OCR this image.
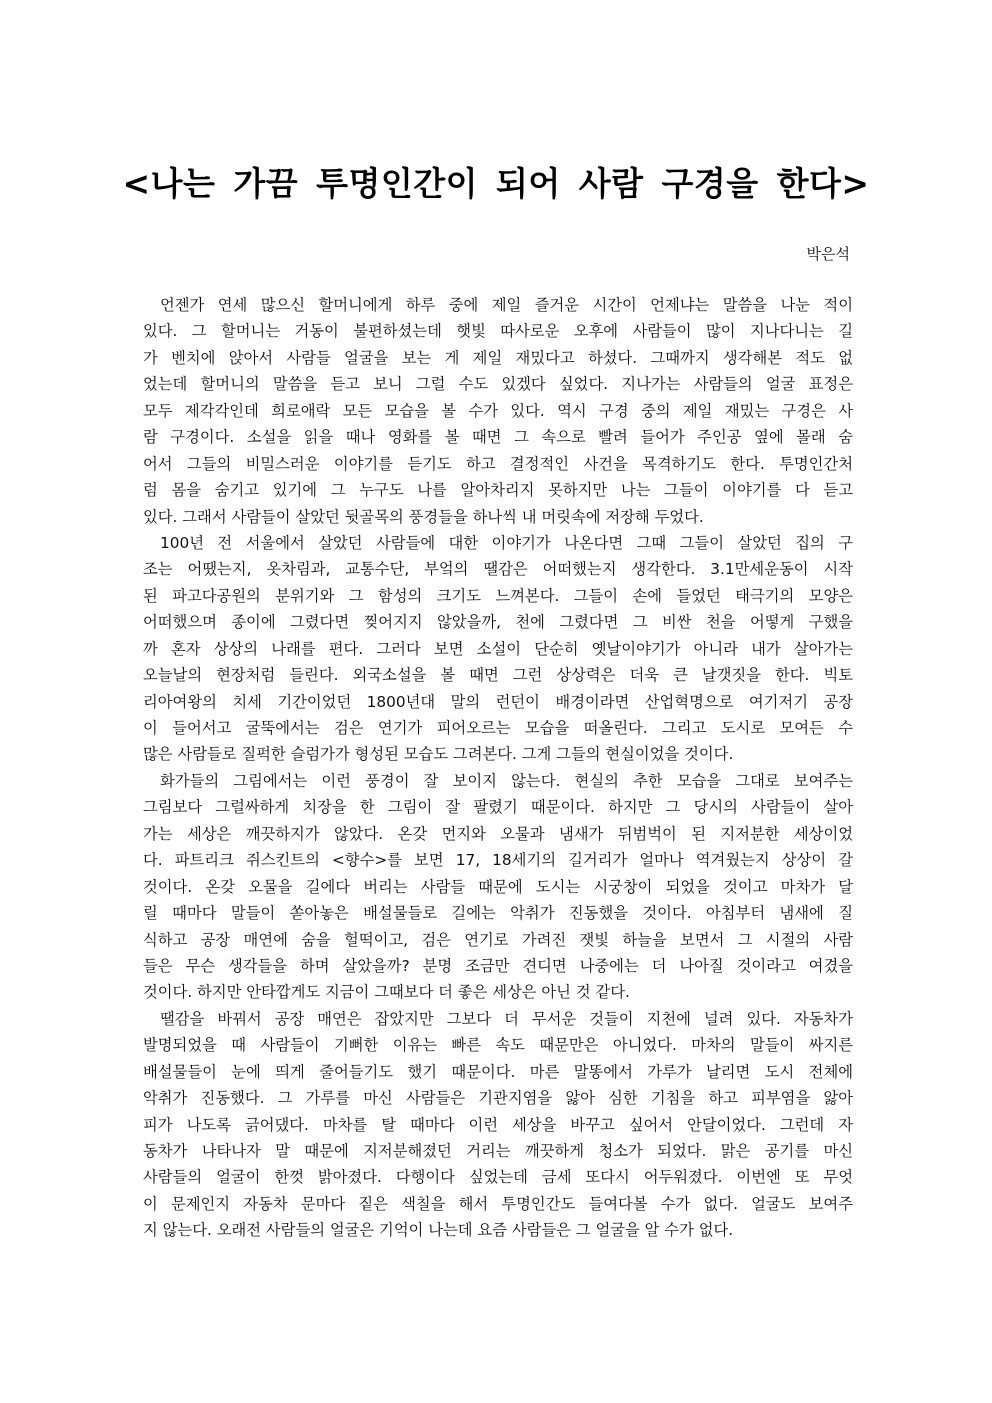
<나는 가끔 투명인간이 되어 사람 구경을 한다>
박은석
언젠가 연세 많으신 할머니에게 하루 중에 제일 즐거운 시간이 언제냐는 말씀을 나눈 적이
있다. 그 할머니는 거동이 불편하셨는데 햇빛 따사로운 오후에 사람들이 많이 지나다니는 길
가 벤치에 앉아서 사람들 얼굴을 보는 게 제일 재밌다고 하셨다. 그때까지 생각해본 적도 없
었는데 할머니의 말씀을 듣고 보니 그럴 수도 있겠다 싶었다. 지나가는 사람들의 얼굴 표정은
모두 제각각인데 희로애락 모든 모습을 볼 수가 있다. 역시 구경 중의 제일 재밌는 구경은 사
람 구경이다. 소설을 읽을 때나 영화를 볼 때면 그 속으로 빨려 들어가 주인공 옆에 몰래 숨
어서 그들의 비밀스러운 이야기를 듣기도 하고 결정적인 사건을 목격하기도 한다. 투명인간처
럼 몸을 숨기고 있기에 그 누구도 나를 알아차리지 못하지만 나는 그들이 이야기를 다 듣고
있다. 그래서 사람들이 살았던 뒷골목의 풍경들을 하나씩 내 머릿속에 저장해 두었다.
100년 전 서울에서 살았던 사람들에 대한 이야기가 나온다면 그때 그들이 살았던 집의 구
조는 어땠는지, 옷차림과, 교통수단, 부엌의 땔감은 어떠했는지 생각한다. 3.1만세운동이 시작
된 파고다공원의 분위기와 그 함성의 크기도 느껴본다. 그들이 손에 들었던 태극기의 모양은
어떠했으며 종이에 그렸다면 찢어지지 않았을까, 천에 그렸다면 그 비싼 천을 어떻게 구했을
까 혼자 상상의 나래를 편다. 그러다 보면 소설이 단순히 옛날이야기가 아니라 내가 살아가는
오늘날의 현장처럼 들린다. 외국소설을 볼 때면 그런 상상력은 더욱 큰 날갯짓을 한다. 빅토
리아여왕의 치세 기간이었던 1800년대 말의 런던이 배경이라면 산업혁명으로 여기저기 공장
이 들어서고 굴뚝에서는 검은 연기가 피어오르는 모습을 떠올린다. 그리고 도시로 모여든 수
많은 사람들로 질퍽한 슬럼가가 형성된 모습도 그려본다. 그게 그들의 현실이었을 것이다.
화가들의 그림에서는 이런 풍경이 잘 보이지 않는다. 현실의 추한 모습을 그대로 보여주는
그림보다 그럴싸하게 치장을 한 그림이 잘 팔렸기 때문이다. 하지만 그 당시의 사람들이 살아
가는 세상은 깨끗하지가 않았다. 온갖 먼지와 오물과 냄새가 뒤범벅이 된 지저분한 세상이었
다. 파트리크 쥐스킨트의 <향수>를 보면 17, 18세기의 길거리가 얼마나 역겨웠는지 상상이 갈
것이다. 온갖 오물을 길에다 버리는 사람들 때문에 도시는 시궁창이 되었을 것이고 마차가 달
릴 때마다 말들이 쏟아놓은 배설물들로 길에는 악취가 진동했을 것이다. 아침부터 냄새에 질
식하고 공장 매연에 숨을 헐떡이고, 검은 연기로 가려진 잿빛 하늘을 보면서 그 시절의 사람
들은 무슨 생각들을 하며 살았을까? 분명 조금만 견디면 나중에는 더 나아질 것이라고 여겼을
것이다. 하지만 안타깝게도 지금이 그때보다 더 좋은 세상은 아닌 것 같다.
땔감을 바꿔서 공장 매연은 잡았지만 그보다 더 무서운 것들이 지천에 널려 있다. 자동차가
발명되었을 때 사람들이 기뻐한 이유는 빠른 속도 때문만은 아니었다. 마차의 말들이 싸지른
배설물들이 눈에 띄게 줄어들기도 했기 때문이다. 마른 말똥에서 가루가 날리면 도시 전체에
악취가 진동했다. 그 가루를 마신 사람들은 기관지염을 앓아 심한 기침을 하고 피부염을 앓아
피가 나도록 긁어댔다. 마차를 탈 때마다 이런 세상을 바꾸고 싶어서 안달이었다. 그런데 자
동차가 나타나자 말 때문에 지저분해졌던 거리는 깨끗하게 청소가 되었다. 맑은 공기를 마신
사람들의 얼굴이 한껏 밝아졌다. 다행이다 싶었는데 금세 또다시 어두워졌다. 이번엔 또 무엇
이 문제인지 자동차 문마다 짙은 색칠을 해서 투명인간도 들여다볼 수가 없다. 얼굴도 보여주
지 않는다. 오래전 사람들의 얼굴은 기억이 나는데 요즘 사람들은 그 얼굴을 알 수가 없다.
